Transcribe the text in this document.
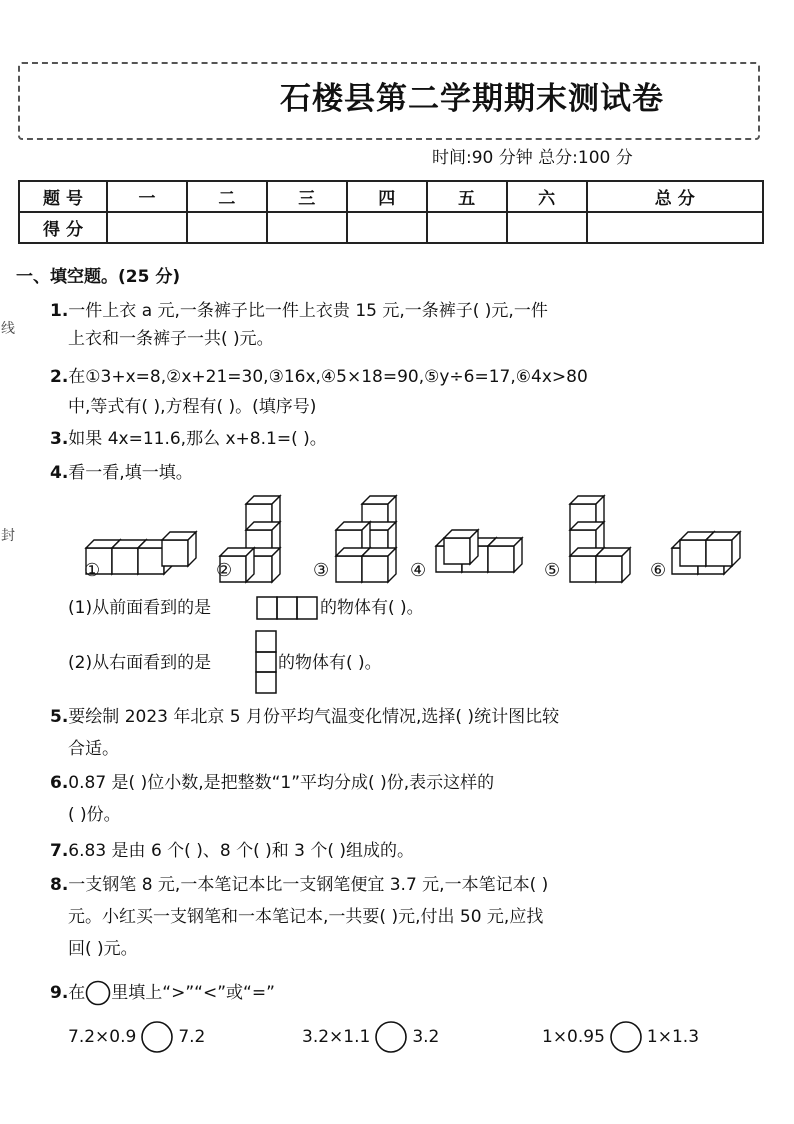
石楼县第二学期期末测试卷
时间:90 分钟 总分:100 分
题 号	一	二	三	四	五	六	总 分
得 分							
线
封
一、填空题。(25 分)
1.一件上衣 a 元,一条裤子比一件上衣贵 15 元,一条裤子( )元,一件
上衣和一条裤子一共( )元。
2.在①3+x=8,②x+21=30,③16x,④5×18=90,⑤y÷6=17,⑥4x>80
中,等式有( ),方程有( )。(填序号)
3.如果 4x=11.6,那么 x+8.1=( )。
4.看一看,填一填。
①	②	③	④	⑤	⑥
(1)从前面看到的是	的物体有( )。
(2)从右面看到的是	的物体有( )。
5.要绘制 2023 年北京 5 月份平均气温变化情况,选择( )统计图比较
合适。
6.0.87 是( )位小数,是把整数“1”平均分成( )份,表示这样的
( )份。
7.6.83 是由 6 个( )、8 个( )和 3 个( )组成的。
8.一支钢笔 8 元,一本笔记本比一支钢笔便宜 3.7 元,一本笔记本( )
元。小红买一支钢笔和一本笔记本,一共要( )元,付出 50 元,应找
回( )元。
9. 在 里填上“>”“<”或“=”
7.2×0.9 7.2	3.2×1.1 3.2	1×0.95 1×1.3
